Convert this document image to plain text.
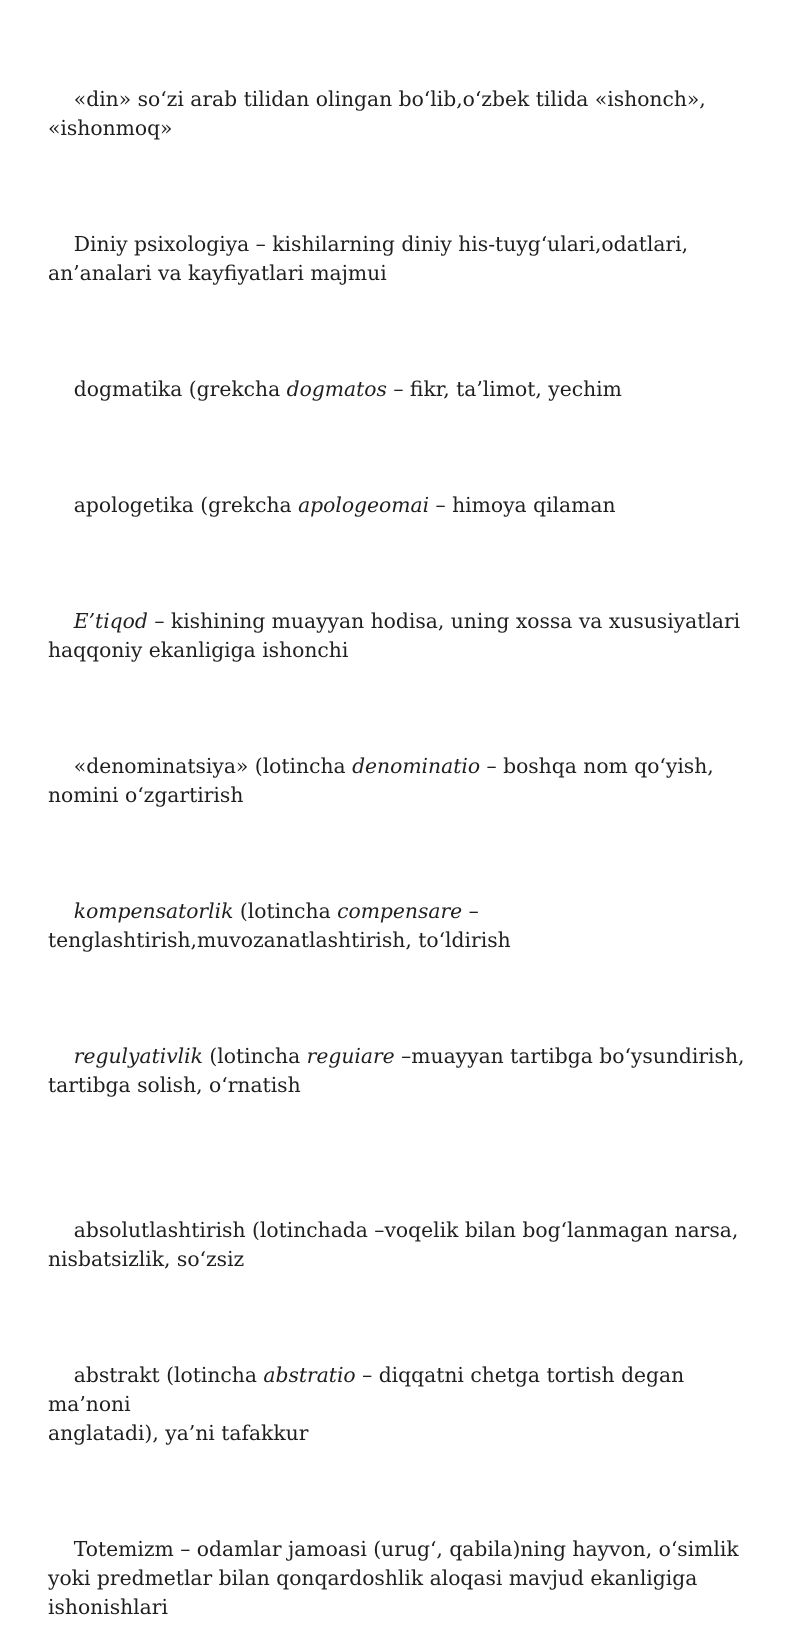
«din» so‘zi arab tilidan olingan bo‘lib,o‘zbek tilida «ishonch»,
«ishonmoq»

Diniy psixologiya – kishilarning diniy his-tuyg‘ulari,odatlari,
an’analari va kayfiyatlari majmui

dogmatika (grekcha dogmatos – fikr, ta’limot, yechim

apologetika (grekcha apologeomai – himoya qilaman

E’tiqod – kishining muayyan hodisa, uning xossa va xususiyatlari
haqqoniy ekanligiga ishonchi

«denominatsiya» (lotincha denominatio – boshqa nom qo‘yish,
nomini o‘zgartirish

kompensatorlik (lotincha compensare –
tenglashtirish,muvozanatlashtirish, to‘ldirish

regulyativlik (lotincha reguiare –muayyan tartibga bo‘ysundirish,
tartibga solish, o‘rnatish

absolutlashtirish (lotinchada –voqelik bilan bog‘lanmagan narsa,
nisbatsizlik, so‘zsiz

abstrakt (lotincha abstratio – diqqatni chetga tortish degan
ma’noni
anglatadi), ya’ni tafakkur

Totemizm – odamlar jamoasi (urug‘, qabila)ning hayvon, o‘simlik
yoki predmetlar bilan qonqardoshlik aloqasi mavjud ekanligiga
ishonishlari
